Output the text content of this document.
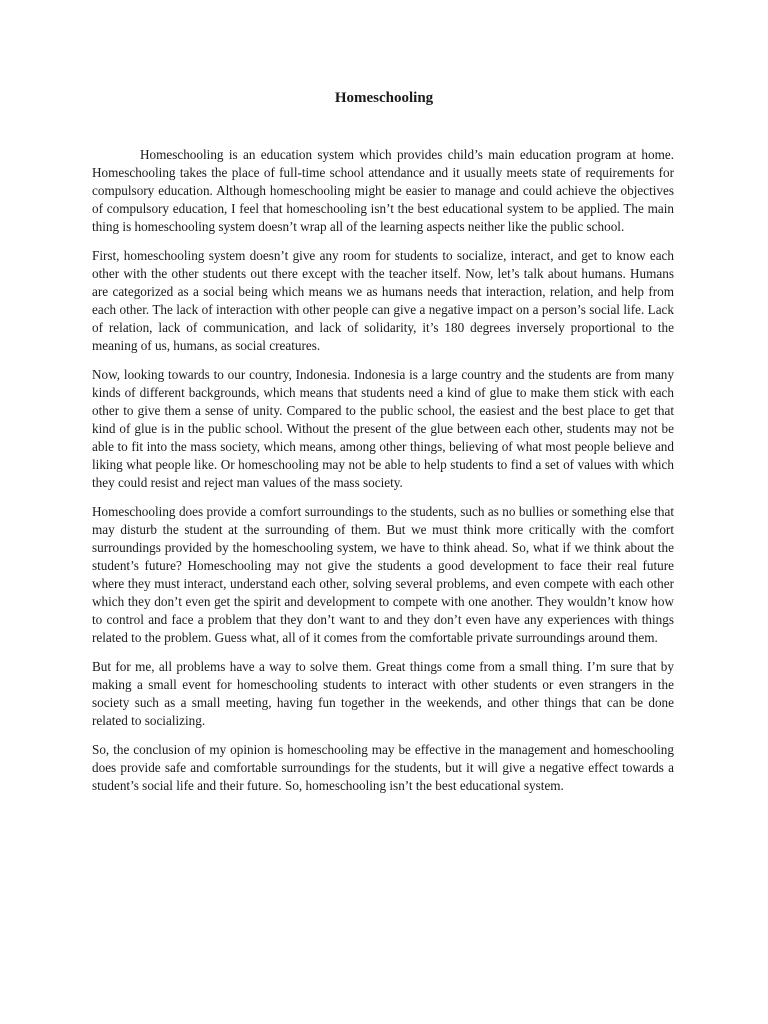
Homeschooling

Homeschooling is an education system which provides child’s main education program at home. Homeschooling takes the place of full-time school attendance and it usually meets state of requirements for compulsory education. Although homeschooling might be easier to manage and could achieve the objectives of compulsory education, I feel that homeschooling isn’t the best educational system to be applied. The main thing is homeschooling system doesn’t wrap all of the learning aspects neither like the public school.

First, homeschooling system doesn’t give any room for students to socialize, interact, and get to know each other with the other students out there except with the teacher itself. Now, let’s talk about humans. Humans are categorized as a social being which means we as humans needs that interaction, relation, and help from each other. The lack of interaction with other people can give a negative impact on a person’s social life. Lack of relation, lack of communication, and lack of solidarity, it’s 180 degrees inversely proportional to the meaning of us, humans, as social creatures.

Now, looking towards to our country, Indonesia. Indonesia is a large country and the students are from many kinds of different backgrounds, which means that students need a kind of glue to make them stick with each other to give them a sense of unity. Compared to the public school, the easiest and the best place to get that kind of glue is in the public school. Without the present of the glue between each other, students may not be able to fit into the mass society, which means, among other things, believing of what most people believe and liking what people like. Or homeschooling may not be able to help students to find a set of values with which they could resist and reject man values of the mass society.

Homeschooling does provide a comfort surroundings to the students, such as no bullies or something else that may disturb the student at the surrounding of them. But we must think more critically with the comfort surroundings provided by the homeschooling system, we have to think ahead. So, what if we think about the student’s future? Homeschooling may not give the students a good development to face their real future where they must interact, understand each other, solving several problems, and even compete with each other which they don’t even get the spirit and development to compete with one another. They wouldn’t know how to control and face a problem that they don’t want to and they don’t even have any experiences with things related to the problem. Guess what, all of it comes from the comfortable private surroundings around them.

But for me, all problems have a way to solve them. Great things come from a small thing. I’m sure that by making a small event for homeschooling students to interact with other students or even strangers in the society such as a small meeting, having fun together in the weekends, and other things that can be done related to socializing.

So, the conclusion of my opinion is homeschooling may be effective in the management and homeschooling does provide safe and comfortable surroundings for the students, but it will give a negative effect towards a student’s social life and their future. So, homeschooling isn’t the best educational system.
